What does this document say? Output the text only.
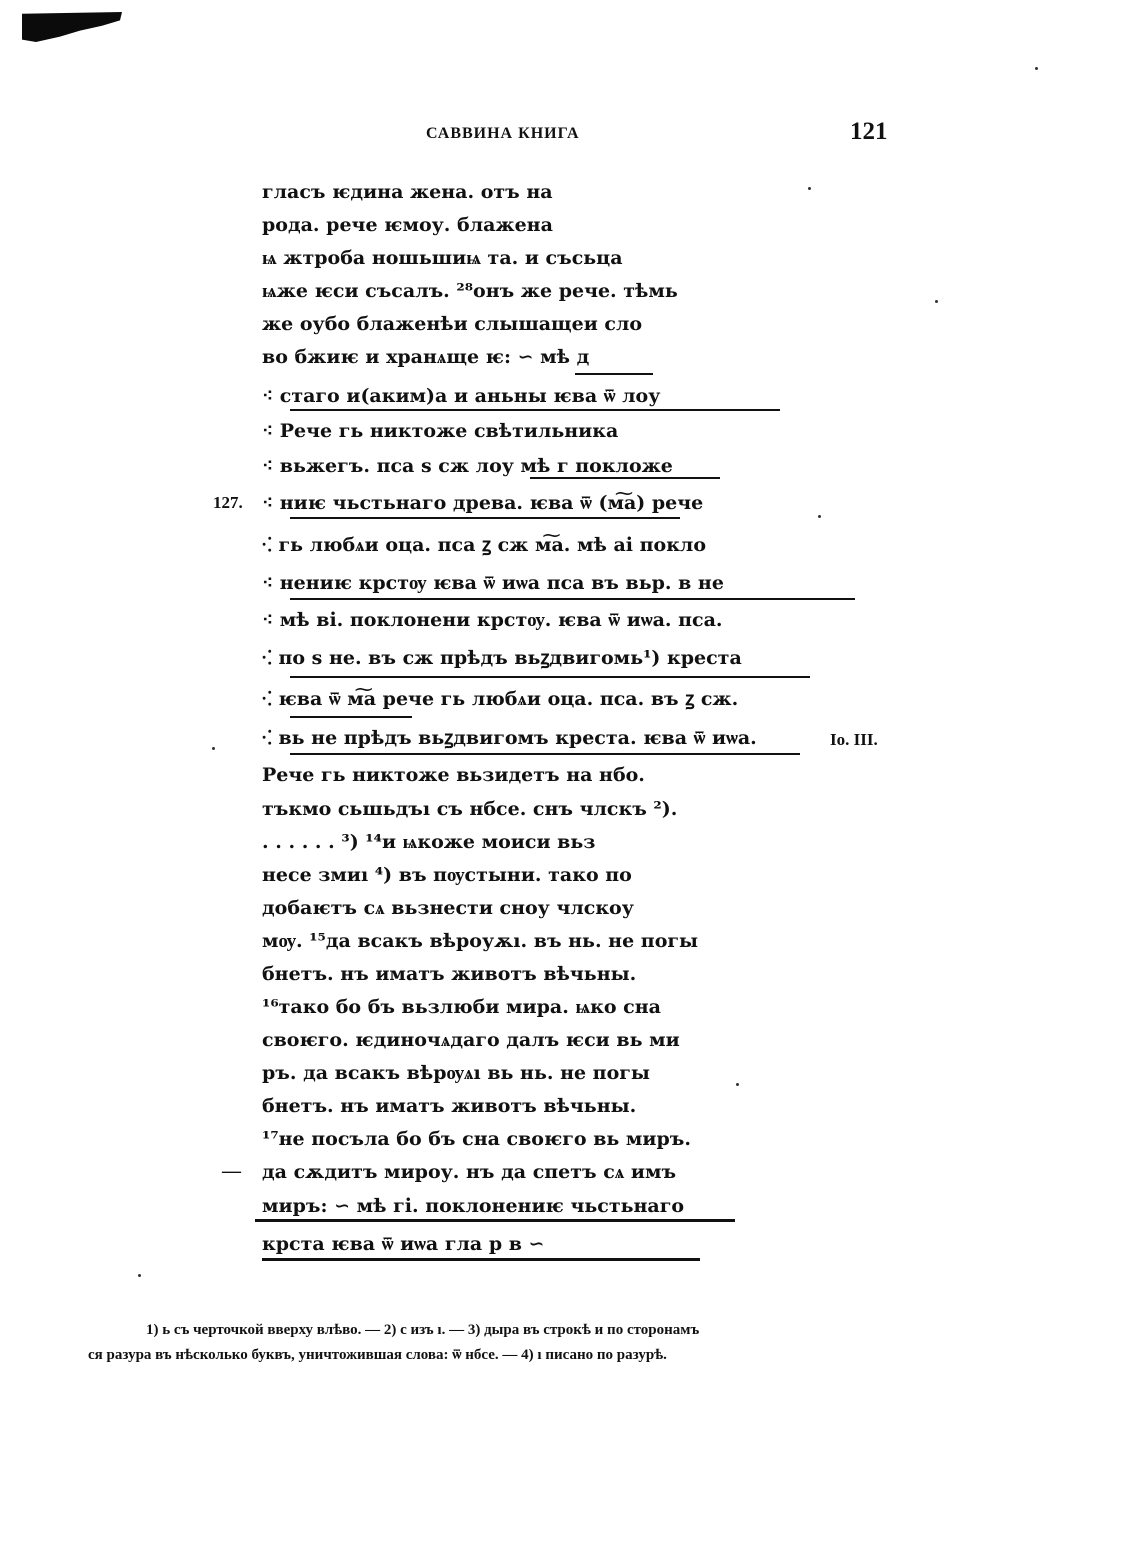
САВВИНА КНИГА	121
гласъ ѥдина жена. отъ на
рода. рече ѥмоу. блажена
ѩ жтроба ношьшиѩ та. и съсьца
ѩже ѥси съсалъ. ²⁸онъ же рече. тѣмь
же оубо блаженѣи слышащеи сло
во бжиѥ и хранѧще ѥ: ∽ мѣ д
⁖ стаго и(аким)а и аньны ѥва ѿ лоу
⁖ Рече гь никтоже свѣтильника
⁖ вьжегъ. пса ѕ сж лоу мѣ г покложе
⁖ ниѥ чьстьнаго древа. ѥва ѿ (м͠а) рече
⁖ гь любѧи оца. пса ꙁ сж м͠а. мѣ аі покло
⁖ нениѥ крстѹ ѥва ѿ иѡа пса въ вьр. в не
⁖ мѣ ві. поклонени крстѹ. ѥва ѿ иѡа. пса.
⁖ по ѕ не. въ сж прѣдъ вьꙁдвигомь¹) креста
⁖ ѥва ѿ м͠а рече гь любѧи оца. пса. въ ꙁ сж.
⁖ вь не прѣдъ вьꙁдвигомъ креста. ѥва ѿ иѡа.
Рече гь никтоже вьзидетъ на нбо.
тъкмо сьшьдъı съ нбсе. снъ члскъ ²).
. . . . . . ³) ¹⁴и ѩкоже моиси вьз
несе змиı ⁴) въ пѹстыни. тако по
добаѥтъ сѧ вьзнести сноу члскоу
мѹ. ¹⁵да всакъ вѣроуѫı. въ нь. не погы
бнетъ. нъ иматъ животъ вѣчьны.
¹⁶тако бо бъ вьзлюби мира. ѩко сна
своѥго. ѥдиночѧдаго далъ ѥси вь ми
ръ. да всакъ вѣрѹѧı вь нь. не погы
бнетъ. нъ иматъ животъ вѣчьны.
¹⁷не посъла бо бъ сна своѥго вь миръ.
да сѫдитъ мироу. нъ да спетъ сѧ имъ
миръ: ∽ мѣ гі. поклонениѥ чьстьнаго
крста ѥва ѿ иѡа гла р в ∽
127.
Іо. III.
—
1) ь съ черточкой вверху влѣво. — 2) с изъ ı. — 3) дыра въ строкѣ и по сторонамъ
ся разура въ нѣсколько буквъ, уничтожившая слова: ѿ нбсе. — 4) ı писано по разурѣ.
